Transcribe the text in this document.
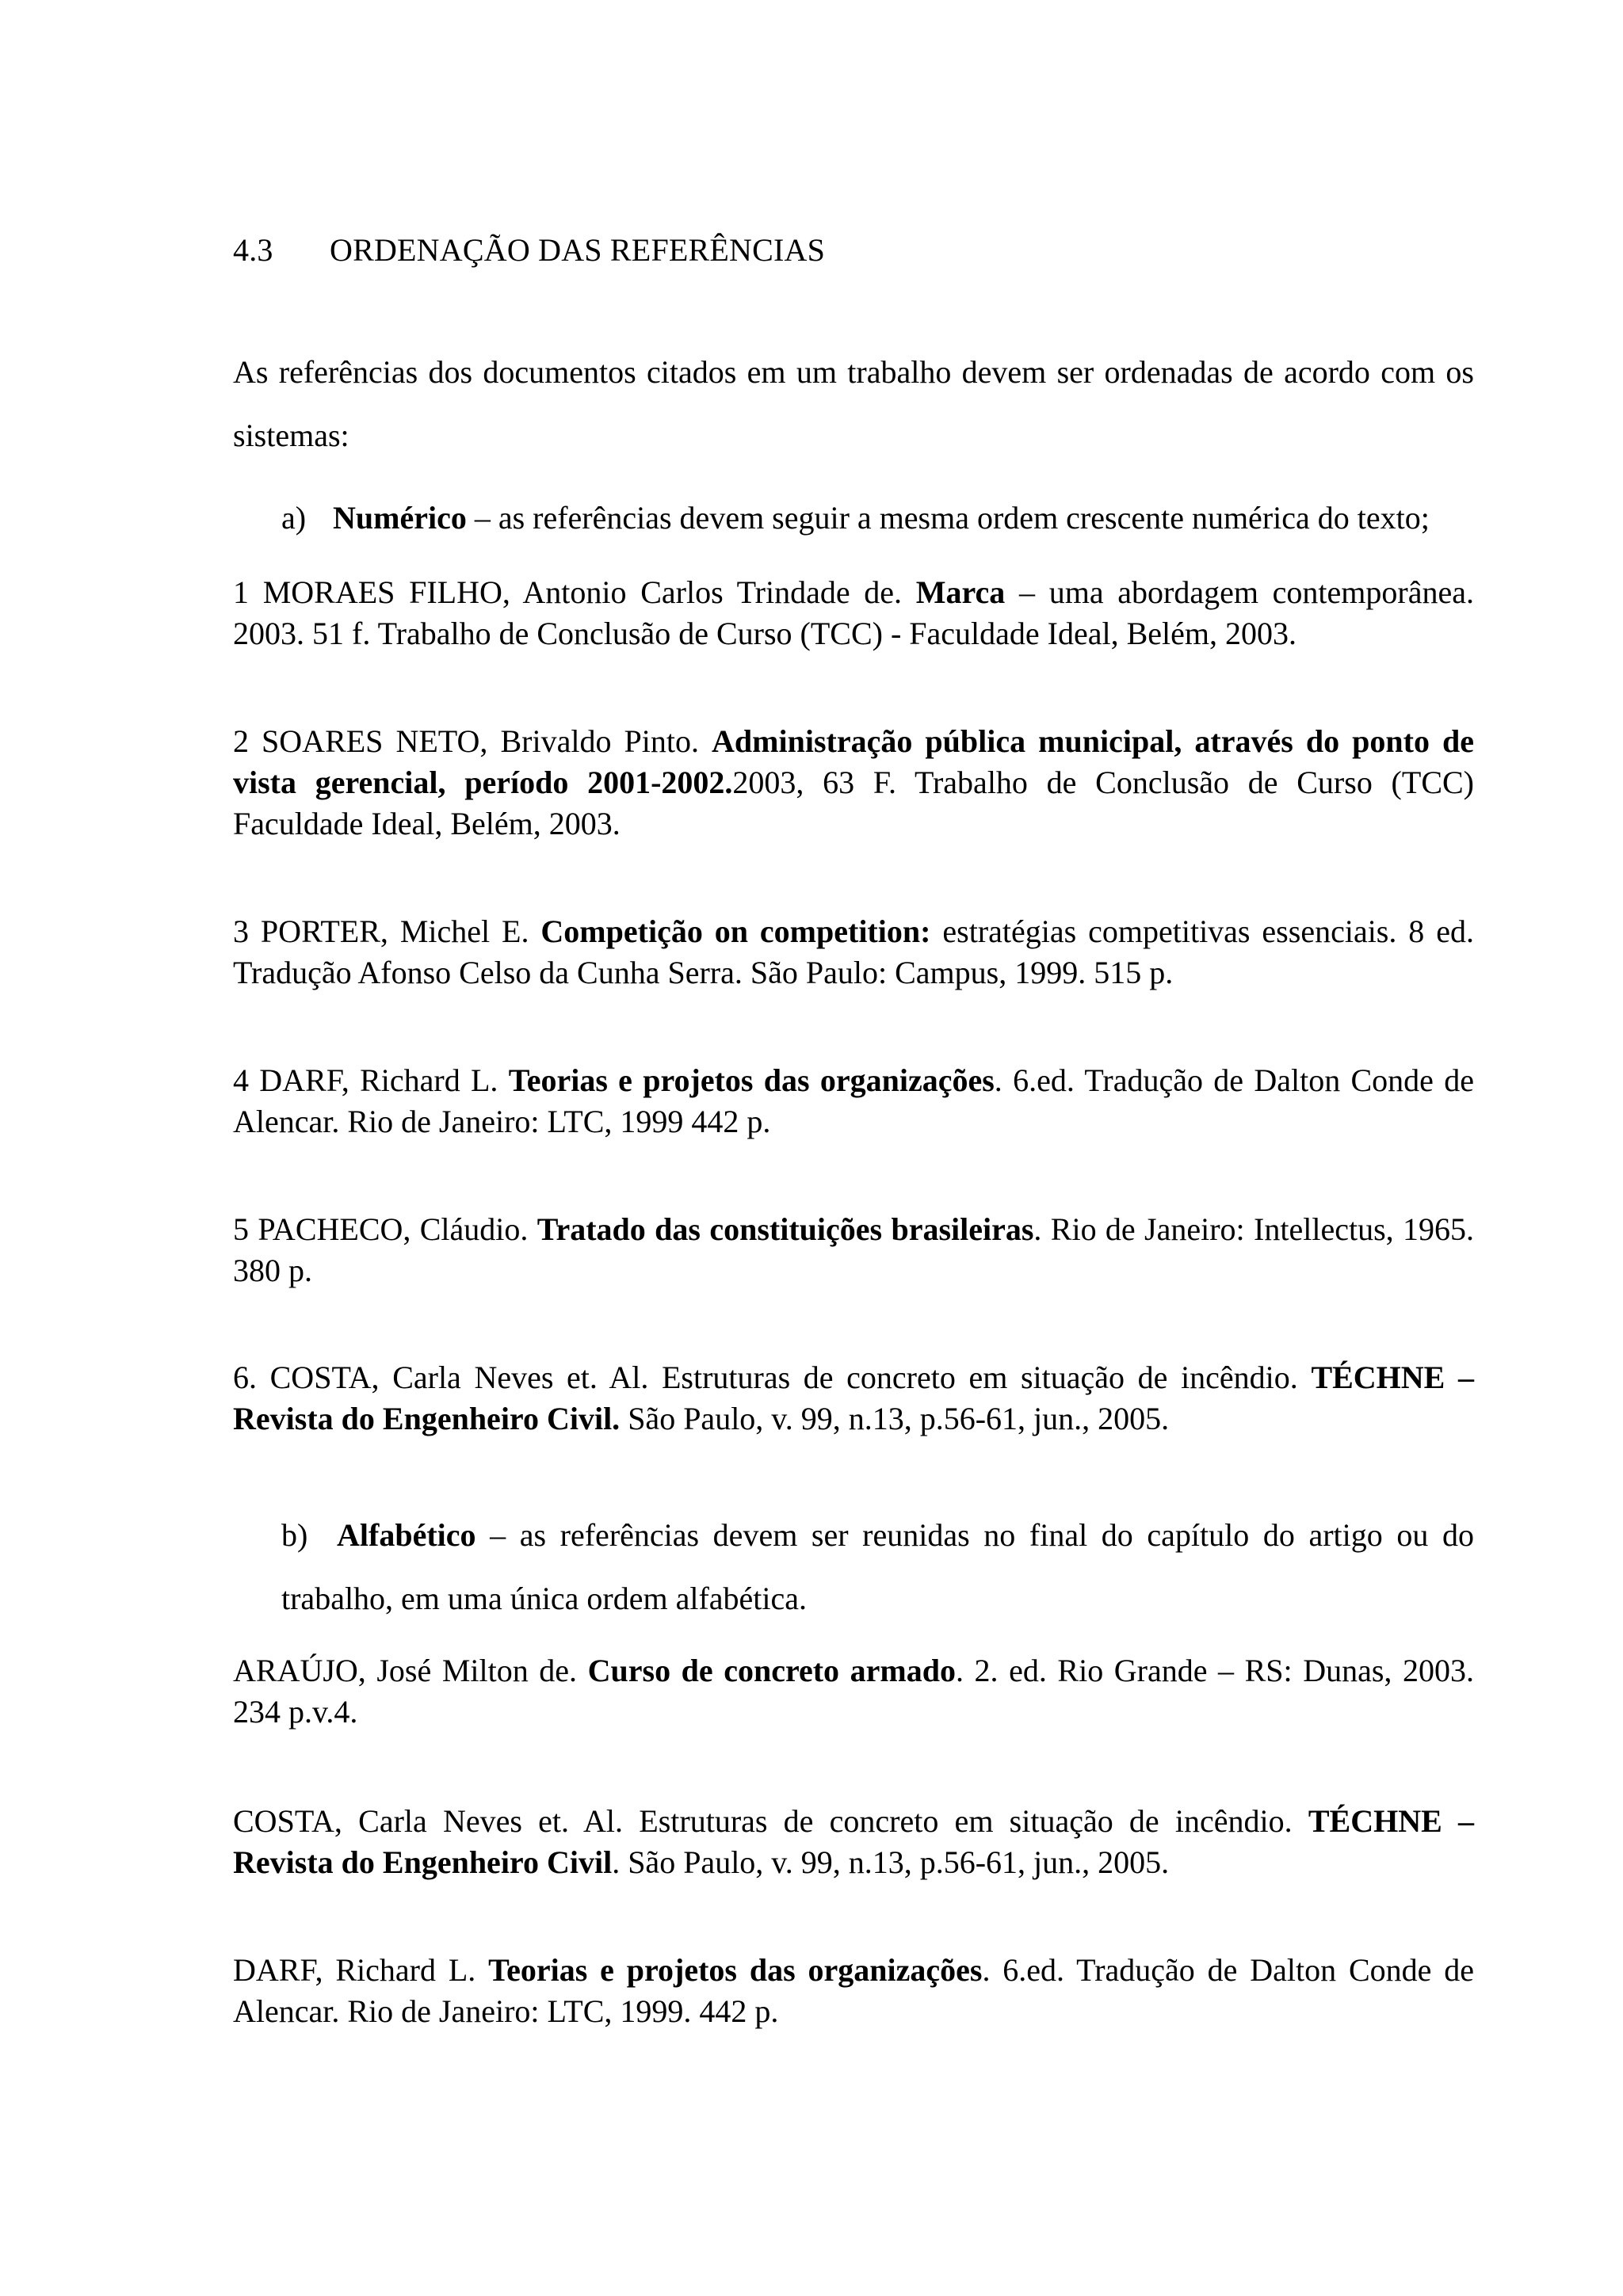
4.3 ORDENAÇÃO DAS REFERÊNCIAS
As referências dos documentos citados em um trabalho devem ser ordenadas de acordo com os sistemas:
a) Numérico – as referências devem seguir a mesma ordem crescente numérica do texto;
1 MORAES FILHO, Antonio Carlos Trindade de. Marca – uma abordagem contemporânea. 2003. 51 f. Trabalho de Conclusão de Curso (TCC) - Faculdade Ideal, Belém, 2003.
2 SOARES NETO, Brivaldo Pinto. Administração pública municipal, através do ponto de vista gerencial, período 2001-2002.2003, 63 F. Trabalho de Conclusão de Curso (TCC) Faculdade Ideal, Belém, 2003.
3 PORTER, Michel E. Competição on competition: estratégias competitivas essenciais. 8 ed. Tradução Afonso Celso da Cunha Serra. São Paulo: Campus, 1999. 515 p.
4 DARF, Richard L. Teorias e projetos das organizações. 6.ed. Tradução de Dalton Conde de Alencar. Rio de Janeiro: LTC, 1999 442 p.
5 PACHECO, Cláudio. Tratado das constituições brasileiras. Rio de Janeiro: Intellectus, 1965. 380 p.
6. COSTA, Carla Neves et. Al. Estruturas de concreto em situação de incêndio. TÉCHNE – Revista do Engenheiro Civil. São Paulo, v. 99, n.13, p.56-61, jun., 2005.
b) Alfabético – as referências devem ser reunidas no final do capítulo do artigo ou do trabalho, em uma única ordem alfabética.
ARAÚJO, José Milton de. Curso de concreto armado. 2. ed. Rio Grande – RS: Dunas, 2003. 234 p.v.4.
COSTA, Carla Neves et. Al. Estruturas de concreto em situação de incêndio. TÉCHNE – Revista do Engenheiro Civil. São Paulo, v. 99, n.13, p.56-61, jun., 2005.
DARF, Richard L. Teorias e projetos das organizações. 6.ed. Tradução de Dalton Conde de Alencar. Rio de Janeiro: LTC, 1999. 442 p.
